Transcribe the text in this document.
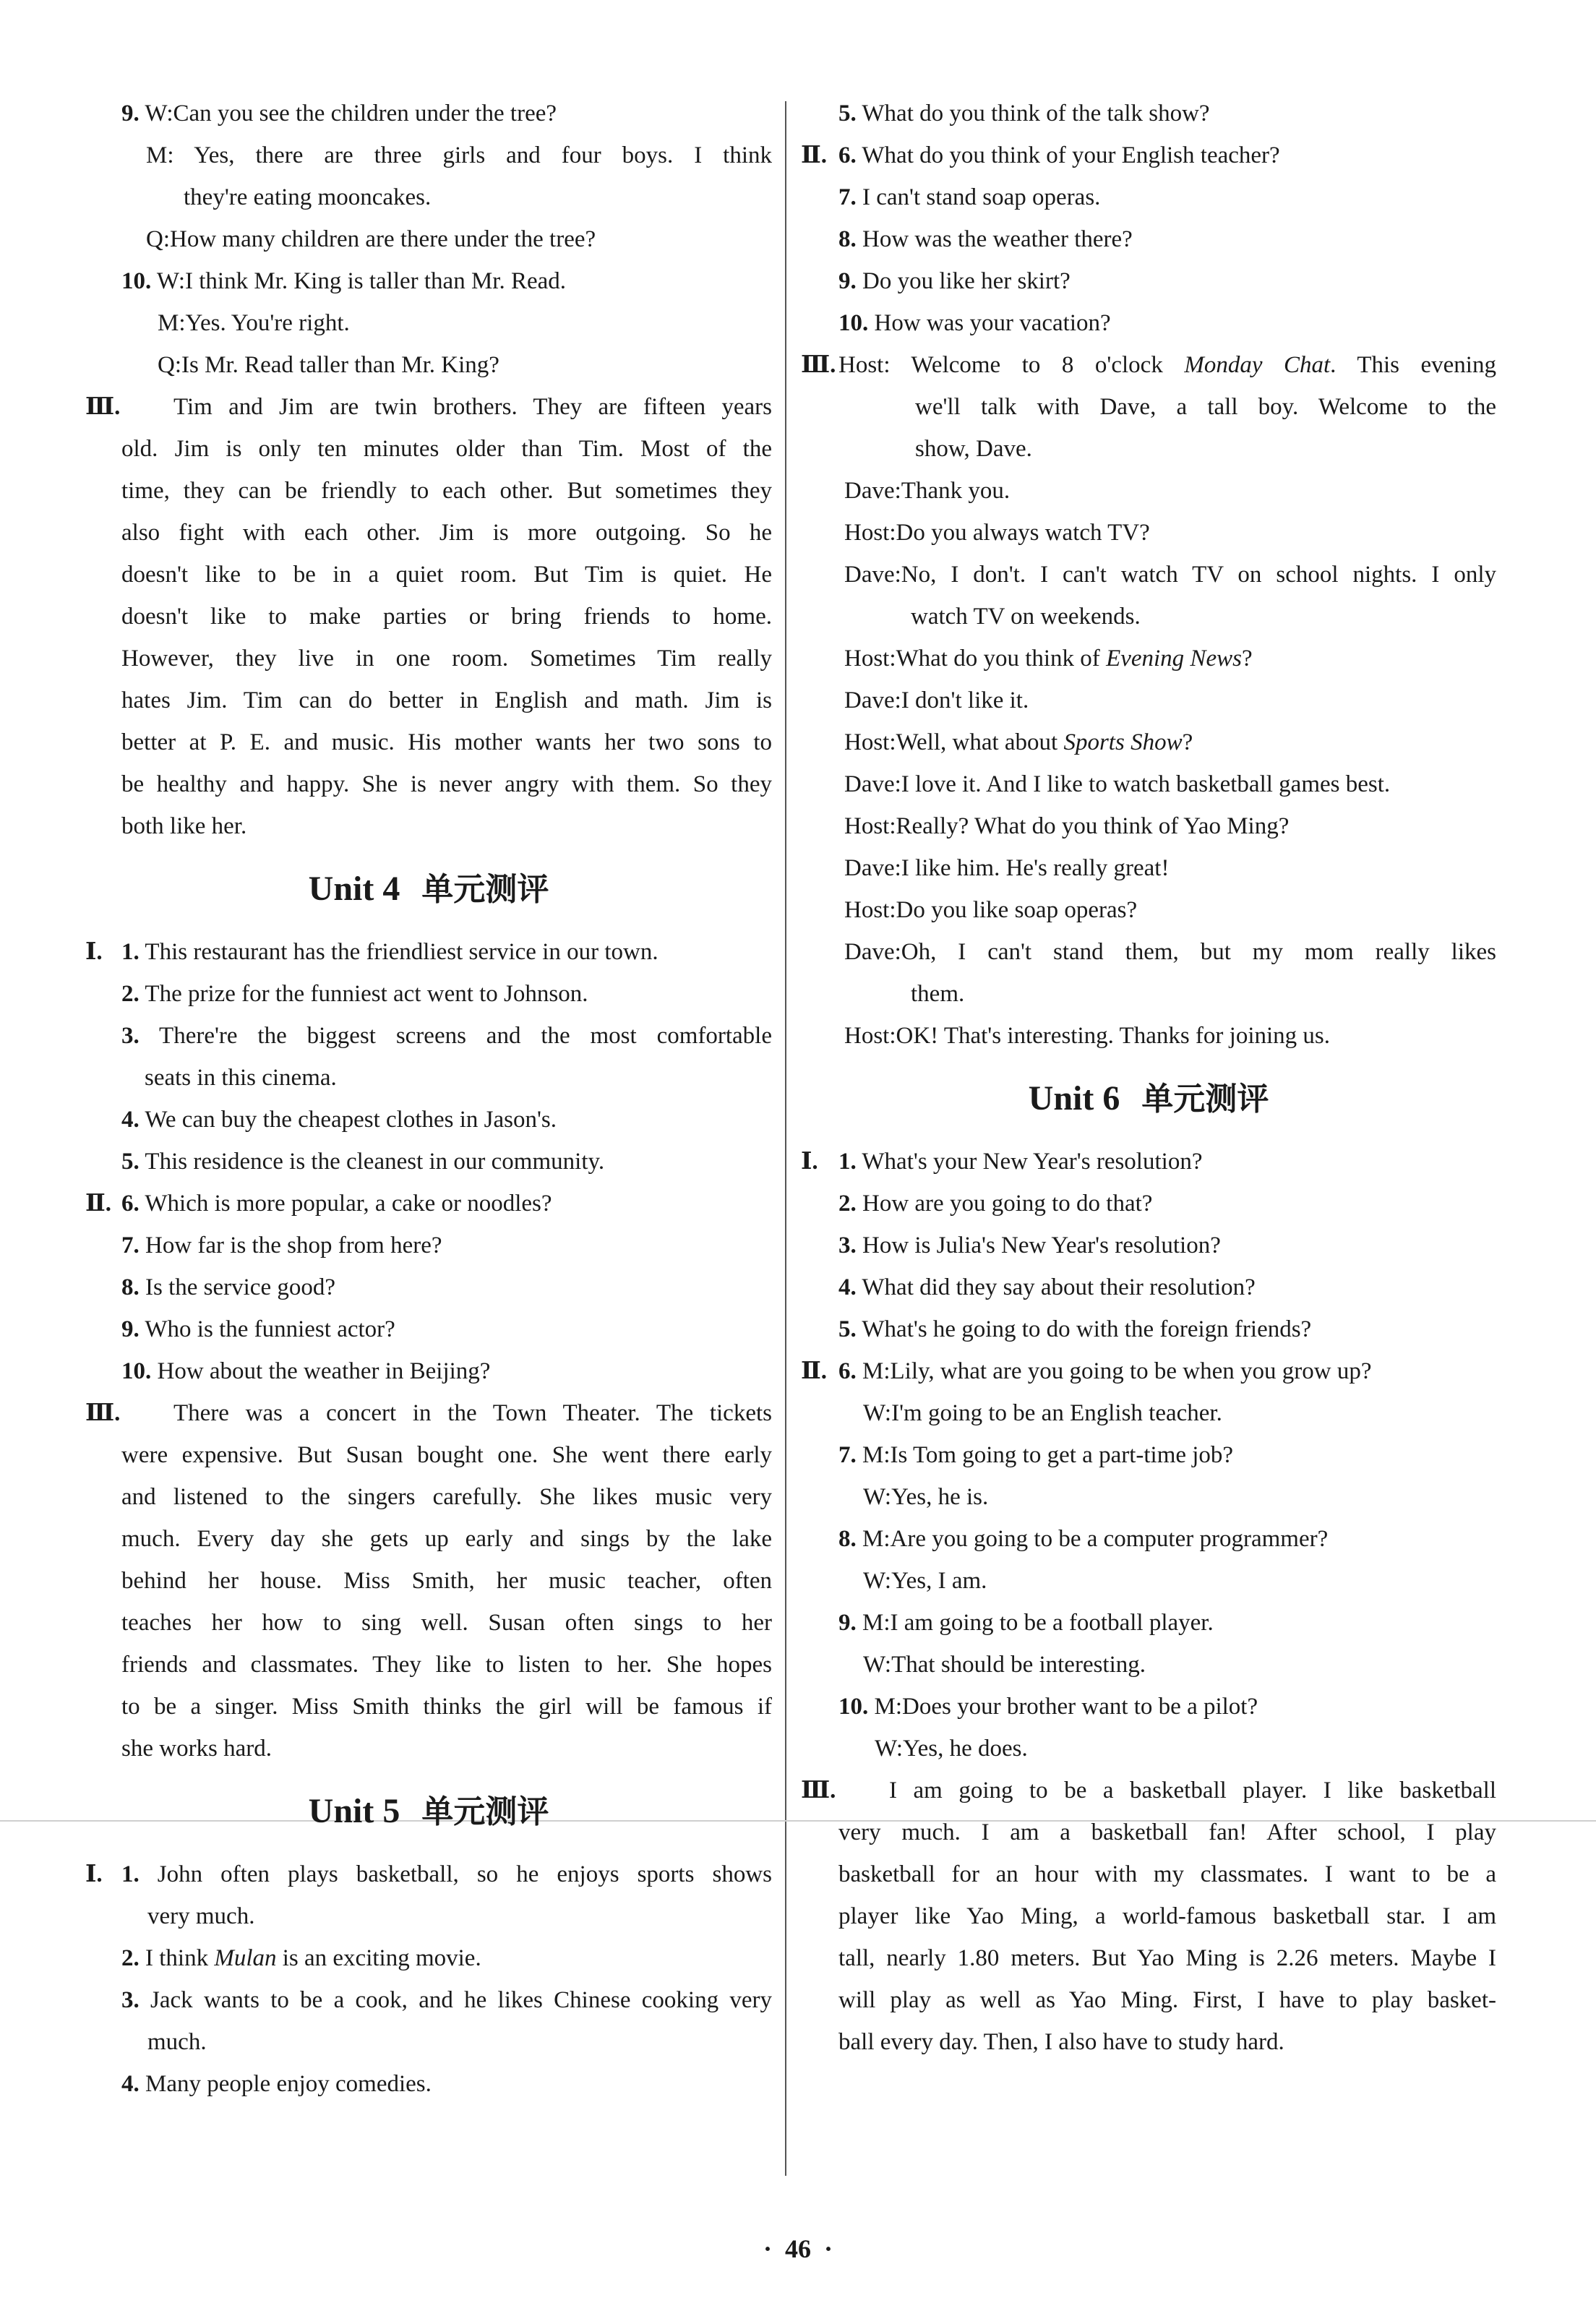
9. W:Can you see the children under the tree?
M: Yes, there are three girls and four boys. I think
they're eating mooncakes.
Q:How many children are there under the tree?
10. W:I think Mr. King is taller than Mr. Read.
M:Yes. You're right.
Q:Is Mr. Read taller than Mr. King?
Ⅲ. Tim and Jim are twin brothers. They are fifteen years
old. Jim is only ten minutes older than Tim. Most of the
time, they can be friendly to each other. But sometimes they
also fight with each other. Jim is more outgoing. So he
doesn't like to be in a quiet room. But Tim is quiet. He
doesn't like to make parties or bring friends to home.
However, they live in one room. Sometimes Tim really
hates Jim. Tim can do better in English and math. Jim is
better at P. E. and music. His mother wants her two sons to
be healthy and happy. She is never angry with them. So they
both like her.
Unit 4 单元测评
Ⅰ. 1. This restaurant has the friendliest service in our town.
2. The prize for the funniest act went to Johnson.
3. There're the biggest screens and the most comfortable
seats in this cinema.
4. We can buy the cheapest clothes in Jason's.
5. This residence is the cleanest in our community.
Ⅱ. 6. Which is more popular, a cake or noodles?
7. How far is the shop from here?
8. Is the service good?
9. Who is the funniest actor?
10. How about the weather in Beijing?
Ⅲ. There was a concert in the Town Theater. The tickets
were expensive. But Susan bought one. She went there early
and listened to the singers carefully. She likes music very
much. Every day she gets up early and sings by the lake
behind her house. Miss Smith, her music teacher, often
teaches her how to sing well. Susan often sings to her
friends and classmates. They like to listen to her. She hopes
to be a singer. Miss Smith thinks the girl will be famous if
she works hard.
Unit 5 单元测评
Ⅰ. 1. John often plays basketball, so he enjoys sports shows
very much.
2. I think Mulan is an exciting movie.
3. Jack wants to be a cook, and he likes Chinese cooking very
much.
4. Many people enjoy comedies.
5. What do you think of the talk show?
Ⅱ. 6. What do you think of your English teacher?
7. I can't stand soap operas.
8. How was the weather there?
9. Do you like her skirt?
10. How was your vacation?
Ⅲ. Host: Welcome to 8 o'clock Monday Chat. This evening
we'll talk with Dave, a tall boy. Welcome to the
show, Dave.
Dave:Thank you.
Host:Do you always watch TV?
Dave:No, I don't. I can't watch TV on school nights. I only
watch TV on weekends.
Host:What do you think of Evening News?
Dave:I don't like it.
Host:Well, what about Sports Show?
Dave:I love it. And I like to watch basketball games best.
Host:Really? What do you think of Yao Ming?
Dave:I like him. He's really great!
Host:Do you like soap operas?
Dave:Oh, I can't stand them, but my mom really likes
them.
Host:OK! That's interesting. Thanks for joining us.
Unit 6 单元测评
Ⅰ. 1. What's your New Year's resolution?
2. How are you going to do that?
3. How is Julia's New Year's resolution?
4. What did they say about their resolution?
5. What's he going to do with the foreign friends?
Ⅱ. 6. M:Lily, what are you going to be when you grow up?
W:I'm going to be an English teacher.
7. M:Is Tom going to get a part-time job?
W:Yes, he is.
8. M:Are you going to be a computer programmer?
W:Yes, I am.
9. M:I am going to be a football player.
W:That should be interesting.
10. M:Does your brother want to be a pilot?
W:Yes, he does.
Ⅲ. I am going to be a basketball player. I like basketball
very much. I am a basketball fan! After school, I play
basketball for an hour with my classmates. I want to be a
player like Yao Ming, a world-famous basketball star. I am
tall, nearly 1.80 meters. But Yao Ming is 2.26 meters. Maybe I
will play as well as Yao Ming. First, I have to play basket-
ball every day. Then, I also have to study hard.
·  46  ·
